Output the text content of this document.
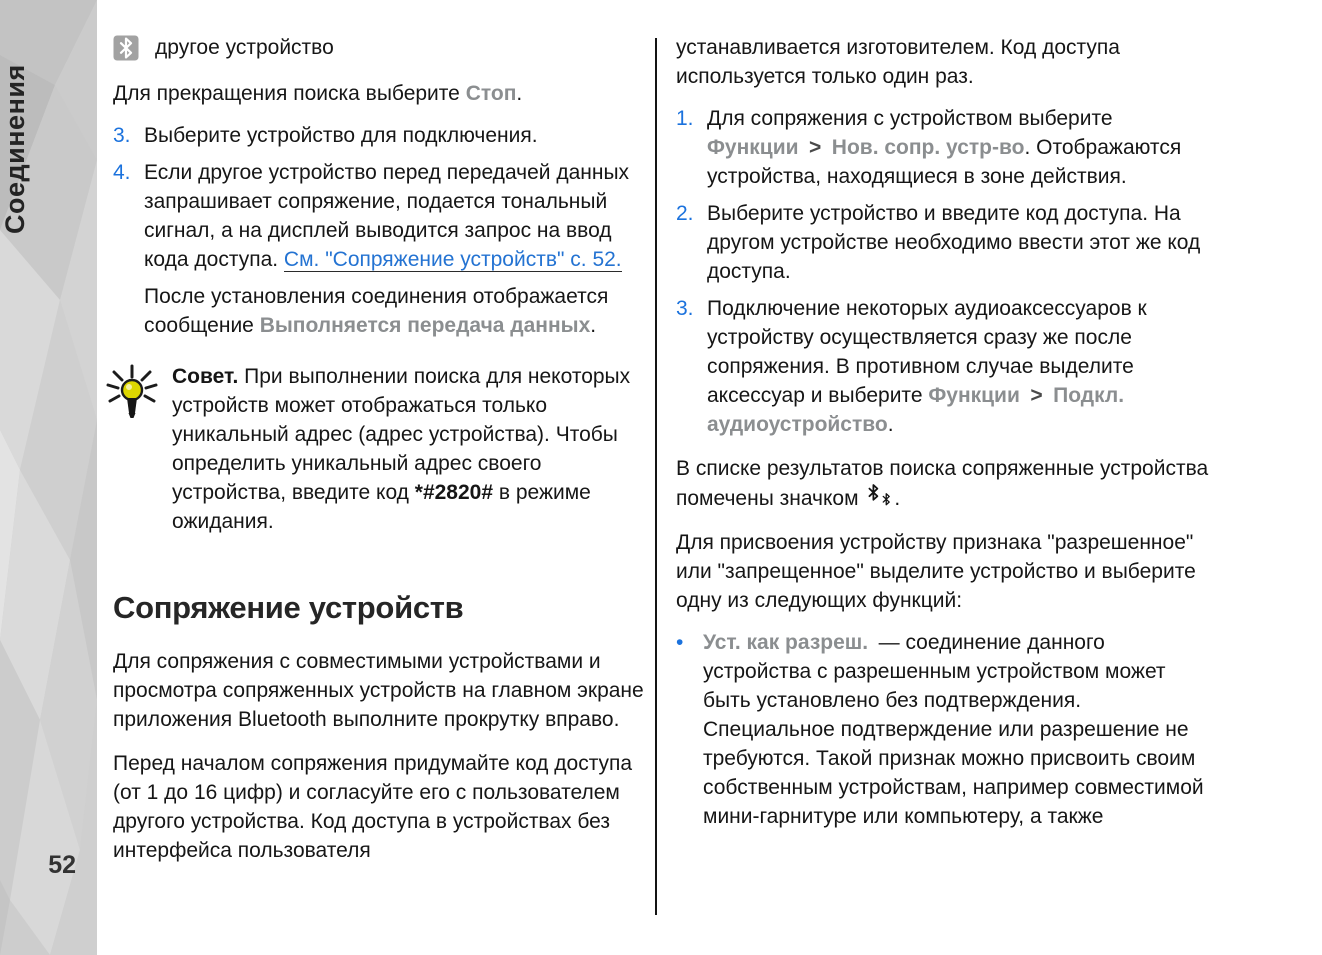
Соединения
52
другое устройство

Для прекращения поиска выберите Стоп.

3. Выберите устройство для подключения.
4. Если другое устройство перед передачей данных запрашивает сопряжение, подается тональный сигнал, а на дисплей выводится запрос на ввод кода доступа. См. "Сопряжение устройств" с. 52.

После установления соединения отображается сообщение Выполняется передача данных.

Совет. При выполнении поиска для некоторых устройств может отображаться только уникальный адрес (адрес устройства). Чтобы определить уникальный адрес своего устройства, введите код *#2820# в режиме ожидания.

Сопряжение устройств

Для сопряжения с совместимыми устройствами и просмотра сопряженных устройств на главном экране приложения Bluetooth выполните прокрутку вправо.

Перед началом сопряжения придумайте код доступа (от 1 до 16 цифр) и согласуйте его с пользователем другого устройства. Код доступа в устройствах без интерфейса пользователя

устанавливается изготовителем. Код доступа используется только один раз.

1. Для сопряжения с устройством выберите Функции > Нов. сопр. устр-во. Отображаются устройства, находящиеся в зоне действия.
2. Выберите устройство и введите код доступа. На другом устройстве необходимо ввести этот же код доступа.
3. Подключение некоторых аудиоаксессуаров к устройству осуществляется сразу же после сопряжения. В противном случае выделите аксессуар и выберите Функции > Подкл. аудиоустройство.

В списке результатов поиска сопряженные устройства помечены значком .

Для присвоения устройству признака "разрешенное" или "запрещенное" выделите устройство и выберите одну из следующих функций:

• Уст. как разреш. — соединение данного устройства с разрешенным устройством может быть установлено без подтверждения. Специальное подтверждение или разрешение не требуются. Такой признак можно присвоить своим собственным устройствам, например совместимой мини-гарнитуре или компьютеру, а также
